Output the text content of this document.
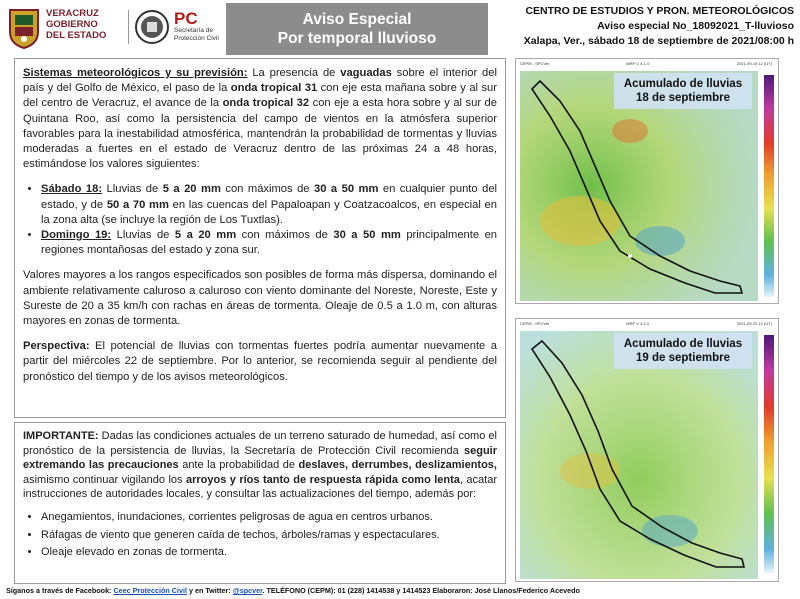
VERACRUZ
GOBIERNO
DEL ESTADO
PC
Secretaría de
Protección Civil
Aviso Especial
Por temporal lluvioso
CENTRO DE ESTUDIOS Y PRON. METEOROLÓGICOS
Aviso especial No_18092021_T-lluvioso
Xalapa, Ver., sábado 18 de septiembre de 2021/08:00 h

Sistemas meteorológicos y su previsión: La presencia de vaguadas sobre el interior del país y del Golfo de México, el paso de la onda tropical 31 con eje esta mañana sobre y al sur del centro de Veracruz, el avance de la onda tropical 32 con eje a esta hora sobre y al sur de Quintana Roo, así como la persistencia del campo de vientos en la atmósfera superior favorables para la inestabilidad atmosférica, mantendrán la probabilidad de tormentas y lluvias moderadas a fuertes en el estado de Veracruz dentro de las próximas 24 a 48 horas, estimándose los valores siguientes:

• Sábado 18: Lluvias de 5 a 20 mm con máximos de 30 a 50 mm en cualquier punto del estado, y de 50 a 70 mm en las cuencas del Papaloapan y Coatzacoalcos, en especial en la zona alta (se incluye la región de Los Tuxtlas).
• Domingo 19: Lluvias de 5 a 20 mm con máximos de 30 a 50 mm principalmente en regiones montañosas del estado y zona sur.

Valores mayores a los rangos especificados son posibles de forma más dispersa, dominando el ambiente relativamente caluroso a caluroso con viento dominante del Noreste, Noreste, Este y Sureste de 20 a 35 km/h con rachas en áreas de tormenta. Oleaje de 0.5 a 1.0 m, con alturas mayores en zonas de tormenta.

Perspectiva: El potencial de lluvias con tormentas fuertes podría aumentar nuevamente a partir del miércoles 22 de septiembre. Por lo anterior, se recomienda seguir al pendiente del pronóstico del tiempo y de los avisos meteorológicos.

IMPORTANTE: Dadas las condiciones actuales de un terreno saturado de humedad, así como el pronóstico de la persistencia de lluvias, la Secretaría de Protección Civil recomienda seguir extremando las precauciones ante la probabilidad de deslaves, derrumbes, deslizamientos, asimismo continuar vigilando los arroyos y ríos tanto de respuesta rápida como lenta, acatar instrucciones de autoridades locales, y consultar las actualizaciones del tiempo, además por:

• Anegamientos, inundaciones, corrientes peligrosas de agua en centros urbanos.
• Ráfagas de viento que generen caída de techos, árboles/ramas y espectaculares.
• Oleaje elevado en zonas de tormenta.
Síganos a través de Facebook: Ceec Protección Civil y en Twitter: @spcver. TELÉFONO (CEPM): 01 (228) 1414538 y 1414523 Elaboraron: José Llanos/Federico Acevedo
CEPM - SPCVer	WRF V 4.1.4	2021-09-19 12 (UT)
Acumulado de lluvias
18 de septiembre
CEPM - SPCVer	WRF V 4.1.4	2021-09-20 12 (UT)
Acumulado de lluvias
19 de septiembre
